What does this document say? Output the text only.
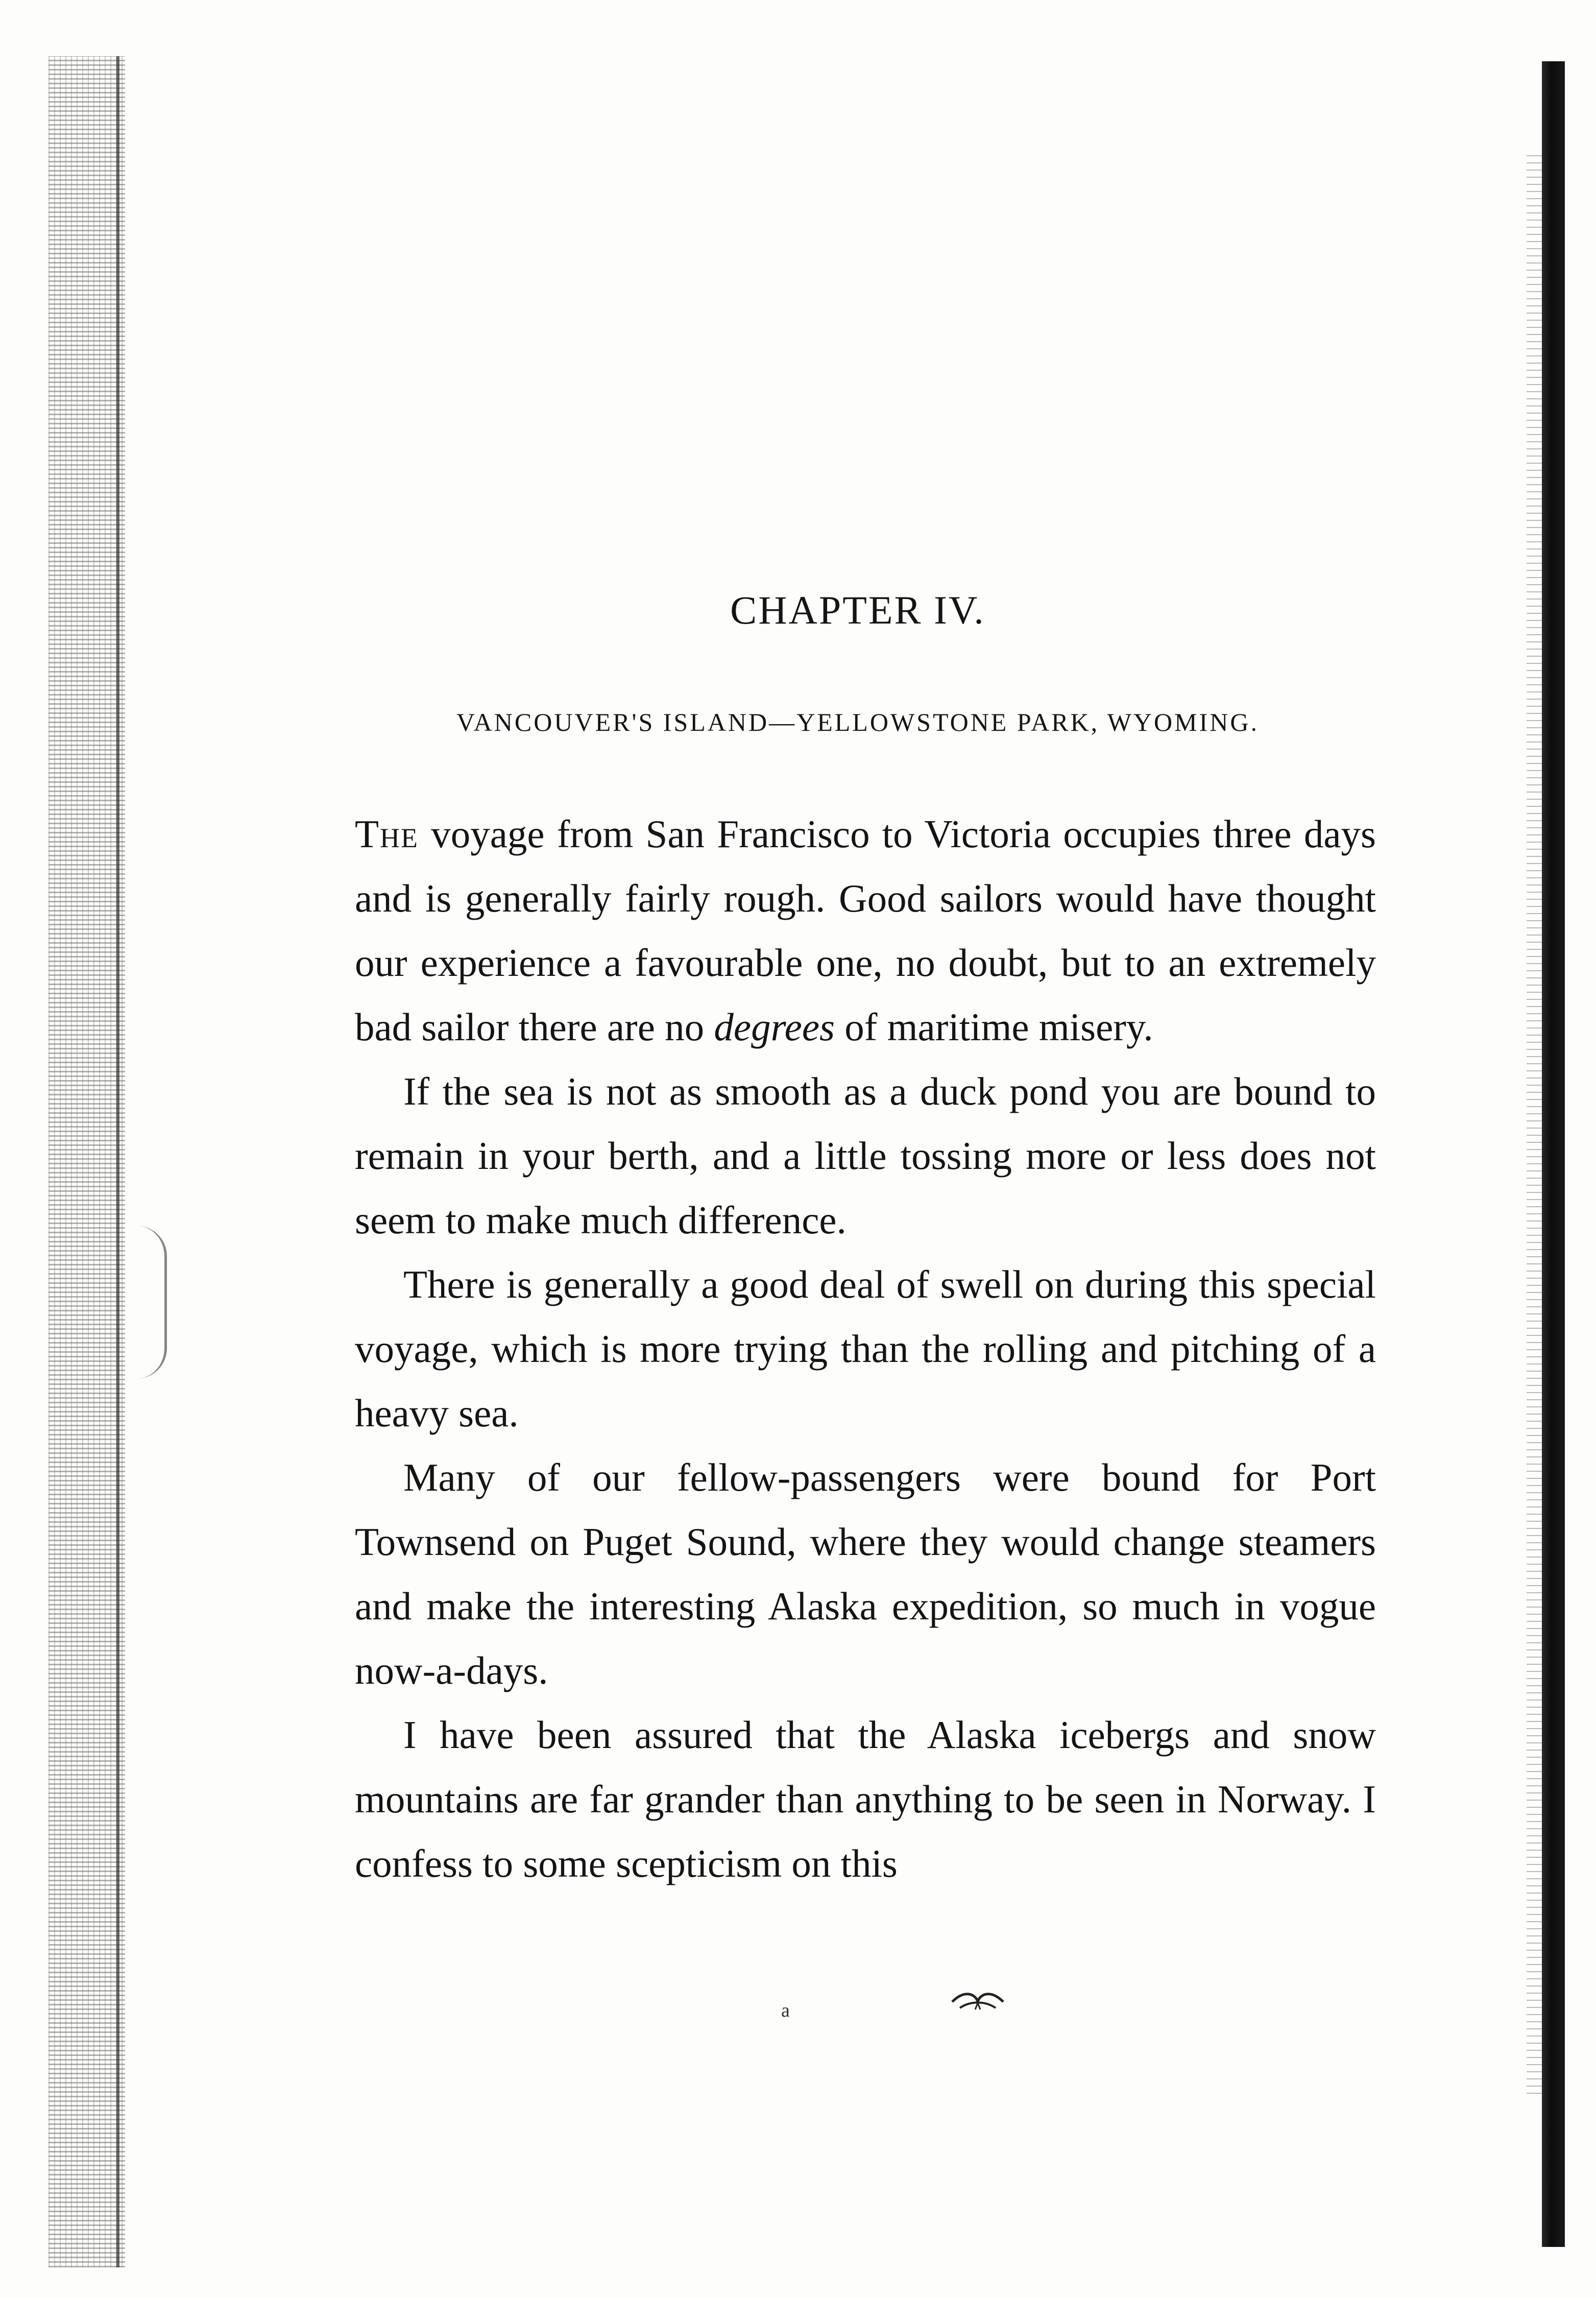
CHAPTER IV.
VANCOUVER'S ISLAND—YELLOWSTONE PARK, WYOMING.

The voyage from San Francisco to Victoria occupies three days and is generally fairly rough. Good sailors would have thought our experience a favourable one, no doubt, but to an extremely bad sailor there are no degrees of maritime misery.

If the sea is not as smooth as a duck pond you are bound to remain in your berth, and a little tossing more or less does not seem to make much difference.

There is generally a good deal of swell on during this special voyage, which is more trying than the rolling and pitching of a heavy sea.

Many of our fellow-passengers were bound for Port Townsend on Puget Sound, where they would change steamers and make the interesting Alaska expedition, so much in vogue now-a-days.

I have been assured that the Alaska icebergs and snow mountains are far grander than anything to be seen in Norway. I confess to some scepticism on this

a
